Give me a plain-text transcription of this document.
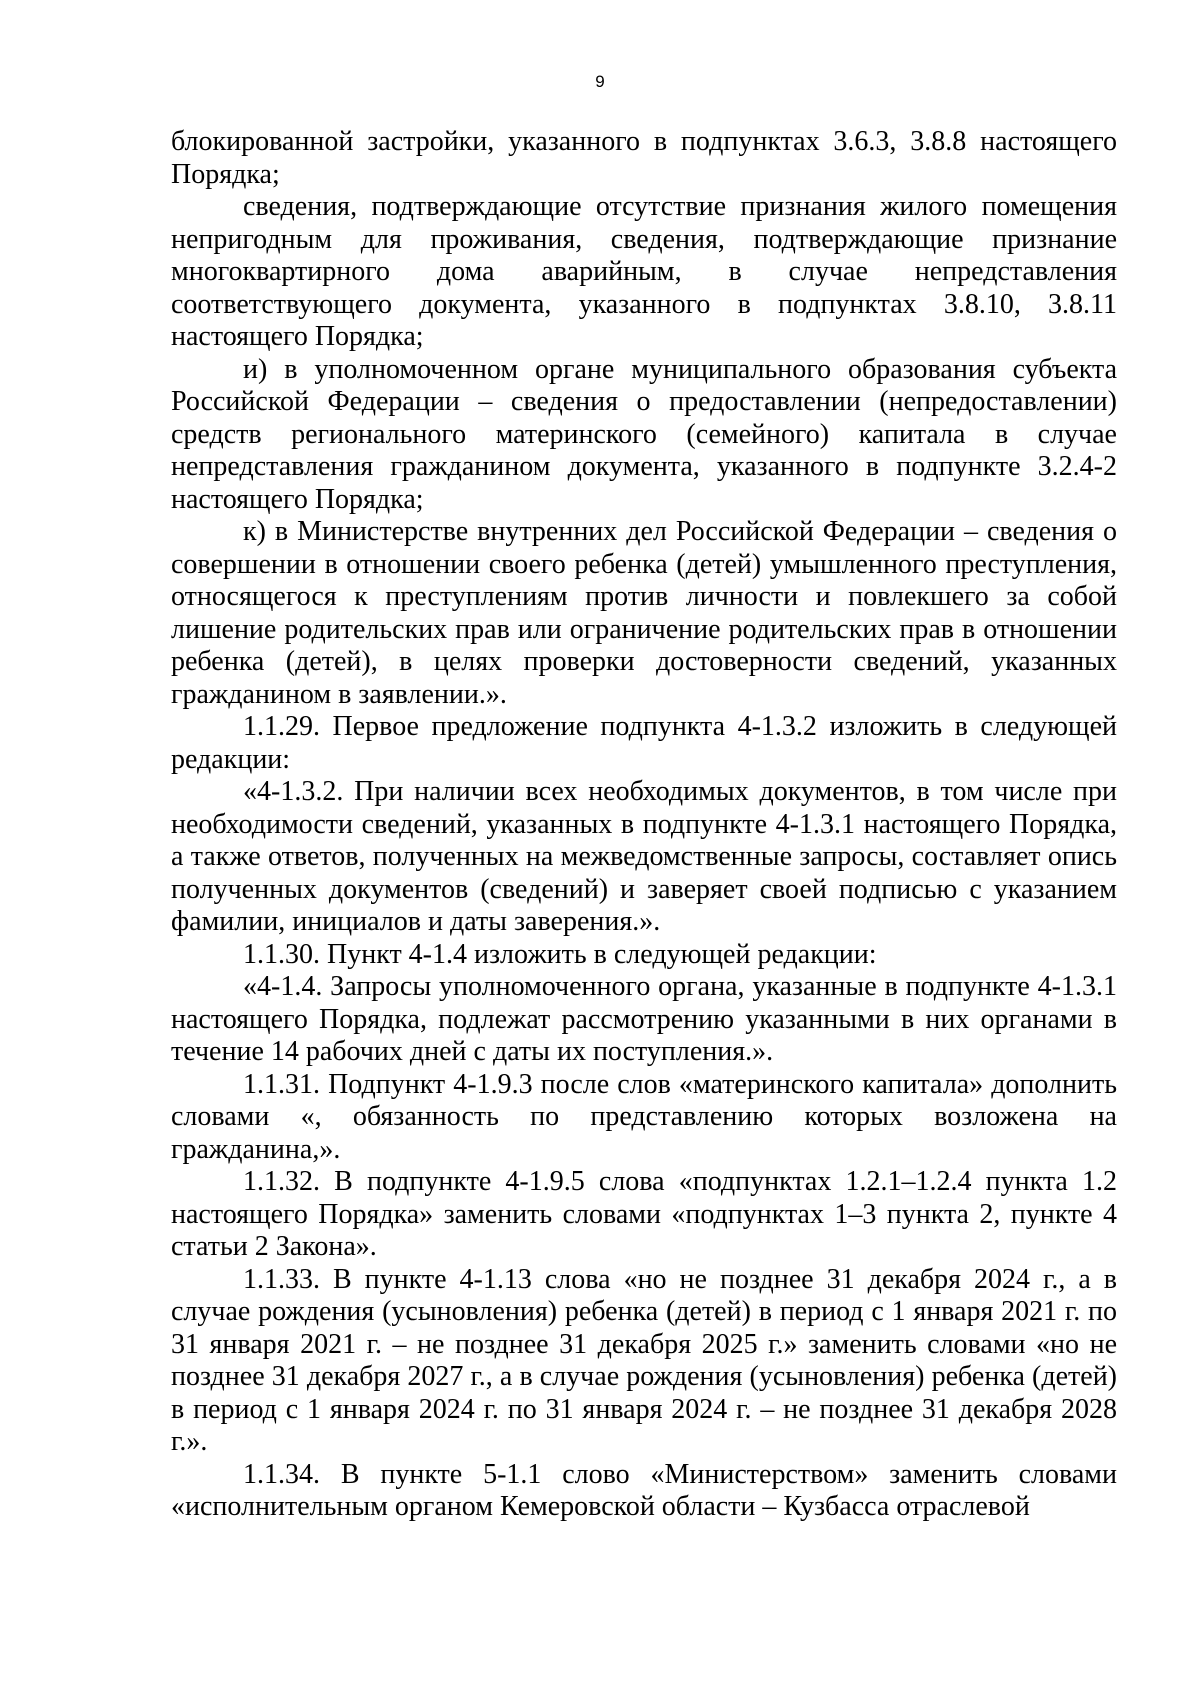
9

блокированной застройки, указанного в подпунктах 3.6.3, 3.8.8 настоящего Порядка;

сведения, подтверждающие отсутствие признания жилого помещения непригодным для проживания, сведения, подтверждающие признание многоквартирного дома аварийным, в случае непредставления соответствующего документа, указанного в подпунктах 3.8.10, 3.8.11 настоящего Порядка;

и) в уполномоченном органе муниципального образования субъекта Российской Федерации – сведения о предоставлении (непредоставлении) средств регионального материнского (семейного) капитала в случае непредставления гражданином документа, указанного в подпункте 3.2.4-2 настоящего Порядка;

к) в Министерстве внутренних дел Российской Федерации – сведения о совершении в отношении своего ребенка (детей) умышленного преступления, относящегося к преступлениям против личности и повлекшего за собой лишение родительских прав или ограничение родительских прав в отношении ребенка (детей), в целях проверки достоверности сведений, указанных гражданином в заявлении.».

1.1.29. Первое предложение подпункта 4-1.3.2 изложить в следующей редакции:

«4-1.3.2. При наличии всех необходимых документов, в том числе при необходимости сведений, указанных в подпункте 4-1.3.1 настоящего Порядка, а также ответов, полученных на межведомственные запросы, составляет опись полученных документов (сведений) и заверяет своей подписью с указанием фамилии, инициалов и даты заверения.».

1.1.30. Пункт 4-1.4 изложить в следующей редакции:

«4-1.4. Запросы уполномоченного органа, указанные в подпункте 4-1.3.1 настоящего Порядка, подлежат рассмотрению указанными в них органами в течение 14 рабочих дней с даты их поступления.».

1.1.31. Подпункт 4-1.9.3 после слов «материнского капитала» дополнить словами «, обязанность по представлению которых возложена на гражданина,».

1.1.32. В подпункте 4-1.9.5 слова «подпунктах 1.2.1–1.2.4 пункта 1.2 настоящего Порядка» заменить словами «подпунктах 1–3 пункта 2, пункте 4 статьи 2 Закона».

1.1.33. В пункте 4-1.13 слова «но не позднее 31 декабря 2024 г., а в случае рождения (усыновления) ребенка (детей) в период с 1 января 2021 г. по 31 января 2021 г. – не позднее 31 декабря 2025 г.» заменить словами «но не позднее 31 декабря 2027 г., а в случае рождения (усыновления) ребенка (детей) в период с 1 января 2024 г. по 31 января 2024 г. – не позднее 31 декабря 2028 г.».

1.1.34. В пункте 5-1.1 слово «Министерством» заменить словами «исполнительным органом Кемеровской области – Кузбасса отраслевой
